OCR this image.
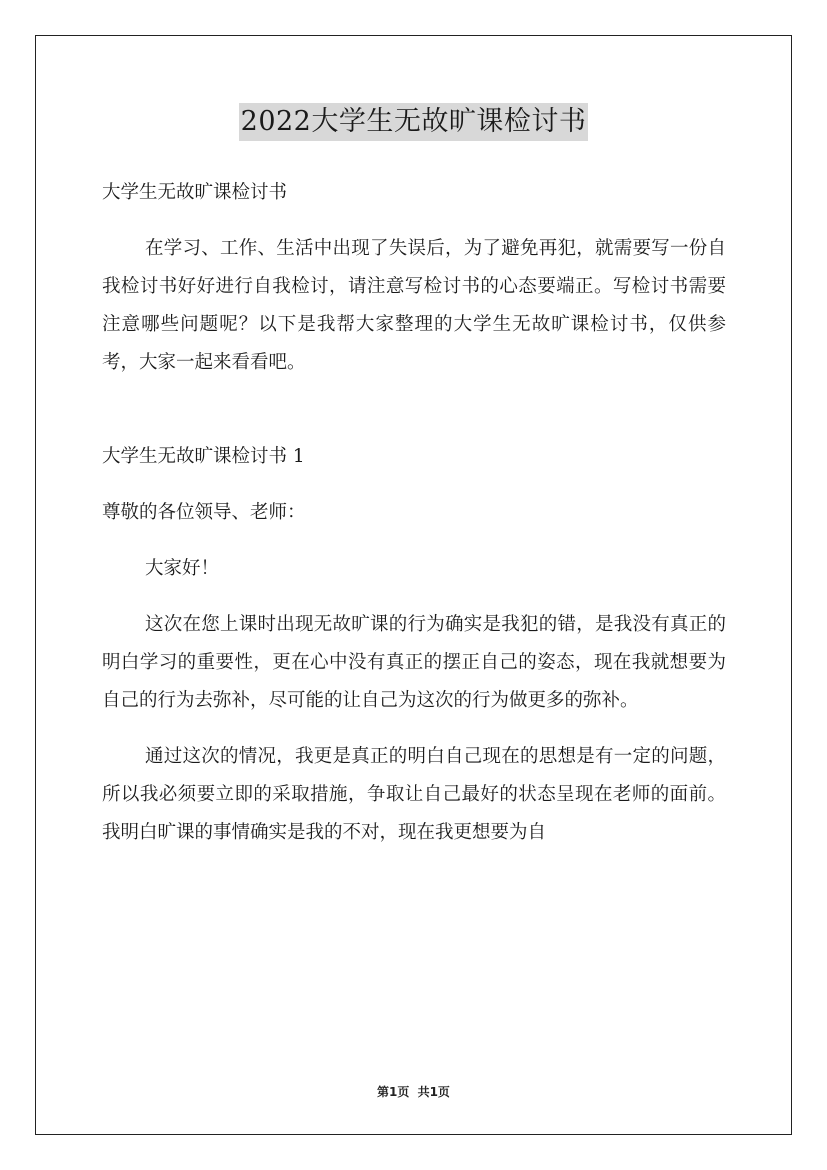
2022大学生无故旷课检讨书

大学生无故旷课检讨书

在学习、工作、生活中出现了失误后，为了避免再犯，就需要写一份自我检讨书好好进行自我检讨，请注意写检讨书的心态要端正。写检讨书需要注意哪些问题呢？以下是我帮大家整理的大学生无故旷课检讨书，仅供参考，大家一起来看看吧。

大学生无故旷课检讨书 1

尊敬的各位领导、老师：

大家好！

这次在您上课时出现无故旷课的行为确实是我犯的错，是我没有真正的明白学习的重要性，更在心中没有真正的摆正自己的姿态，现在我就想要为自己的行为去弥补，尽可能的让自己为这次的行为做更多的弥补。

通过这次的情况，我更是真正的明白自己现在的思想是有一定的问题，所以我必须要立即的采取措施，争取让自己最好的状态呈现在老师的面前。我明白旷课的事情确实是我的不对，现在我更想要为自

第1页 共1页
